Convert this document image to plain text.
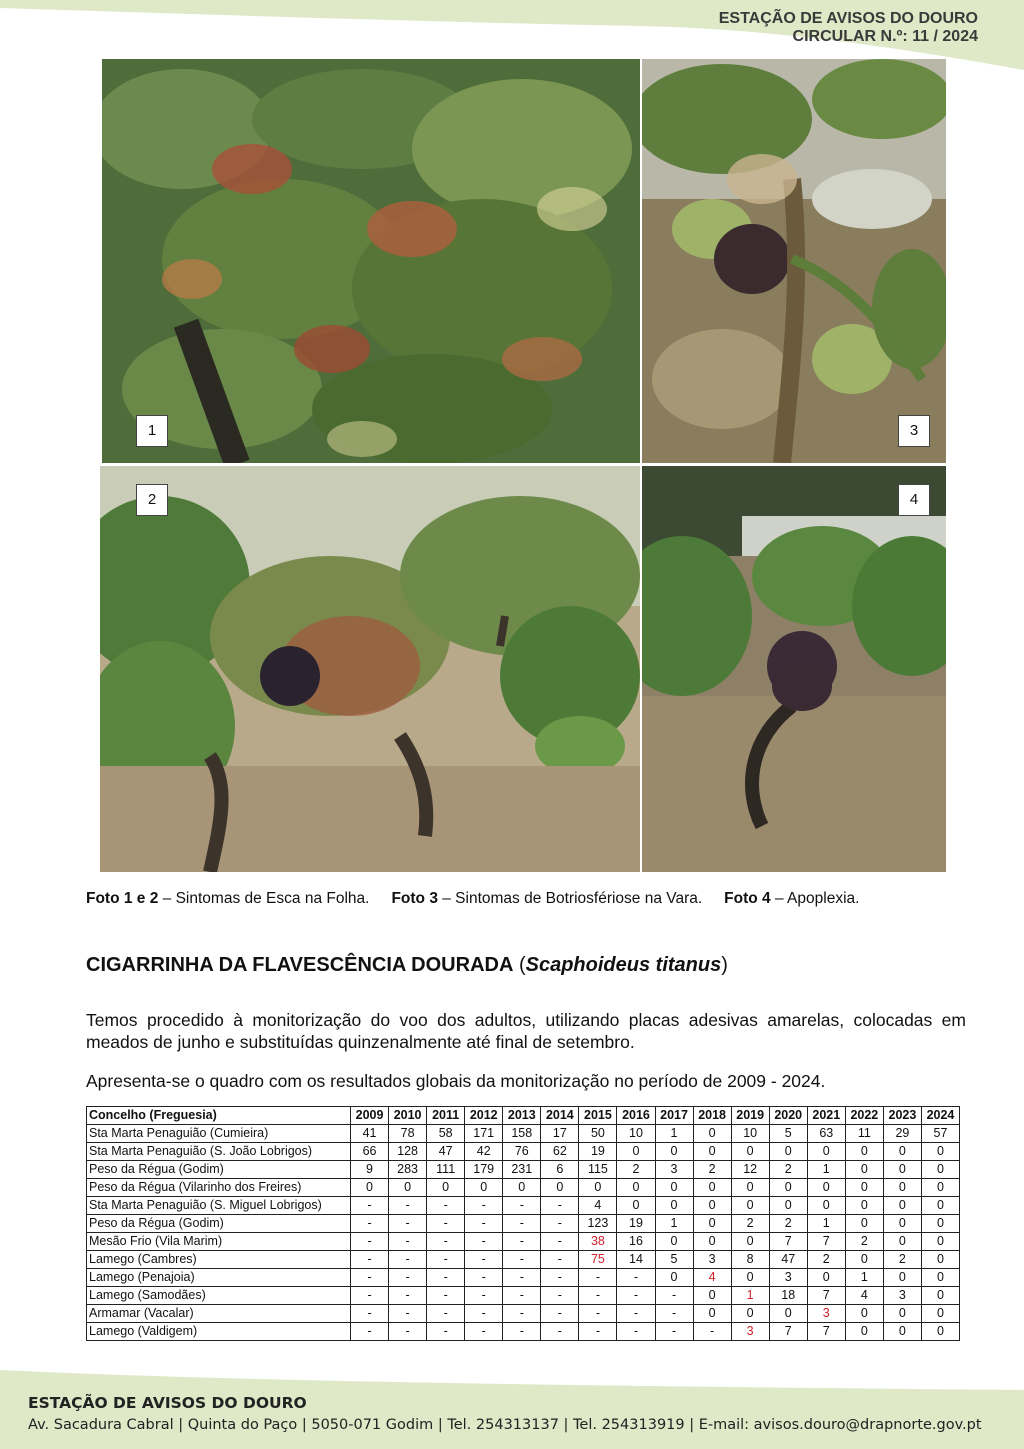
ESTAÇÃO DE AVISOS DO DOURO
CIRCULAR N.º: 11 / 2024
1	3
2	4
Foto 1 e 2 – Sintomas de Esca na Folha. Foto 3 – Sintomas de Botriosfériose na Vara. Foto 4 – Apoplexia.
CIGARRINHA DA FLAVESCÊNCIA DOURADA (Scaphoideus titanus)
Temos procedido à monitorização do voo dos adultos, utilizando placas adesivas amarelas, colocadas em meados de junho e substituídas quinzenalmente até final de setembro.
Apresenta-se o quadro com os resultados globais da monitorização no período de 2009 - 2024.
Concelho (Freguesia)	2009	2010	2011	2012	2013	2014	2015	2016	2017	2018	2019	2020	2021	2022	2023	2024
Sta Marta Penaguião (Cumieira)	41	78	58	171	158	17	50	10	1	0	10	5	63	11	29	57
Sta Marta Penaguião (S. João Lobrigos)	66	128	47	42	76	62	19	0	0	0	0	0	0	0	0	0
Peso da Régua (Godim)	9	283	111	179	231	6	115	2	3	2	12	2	1	0	0	0
Peso da Régua (Vilarinho dos Freires)	0	0	0	0	0	0	0	0	0	0	0	0	0	0	0	0
Sta Marta Penaguião (S. Miguel Lobrigos)	-	-	-	-	-	-	4	0	0	0	0	0	0	0	0	0
Peso da Régua (Godim)	-	-	-	-	-	-	123	19	1	0	2	2	1	0	0	0
Mesão Frio (Vila Marim)	-	-	-	-	-	-	38	16	0	0	0	7	7	2	0	0
Lamego (Cambres)	-	-	-	-	-	-	75	14	5	3	8	47	2	0	2	0
Lamego (Penajoia)	-	-	-	-	-	-	-	-	0	4	0	3	0	1	0	0
Lamego (Samodães)	-	-	-	-	-	-	-	-	-	0	1	18	7	4	3	0
Armamar (Vacalar)	-	-	-	-	-	-	-	-	-	0	0	0	3	0	0	0
Lamego (Valdigem)	-	-	-	-	-	-	-	-	-	-	3	7	7	0	0	0
ESTAÇÃO DE AVISOS DO DOURO
Av. Sacadura Cabral | Quinta do Paço | 5050-071 Godim | Tel. 254313137 | Tel. 254313919 | E-mail: avisos.douro@drapnorte.gov.pt
